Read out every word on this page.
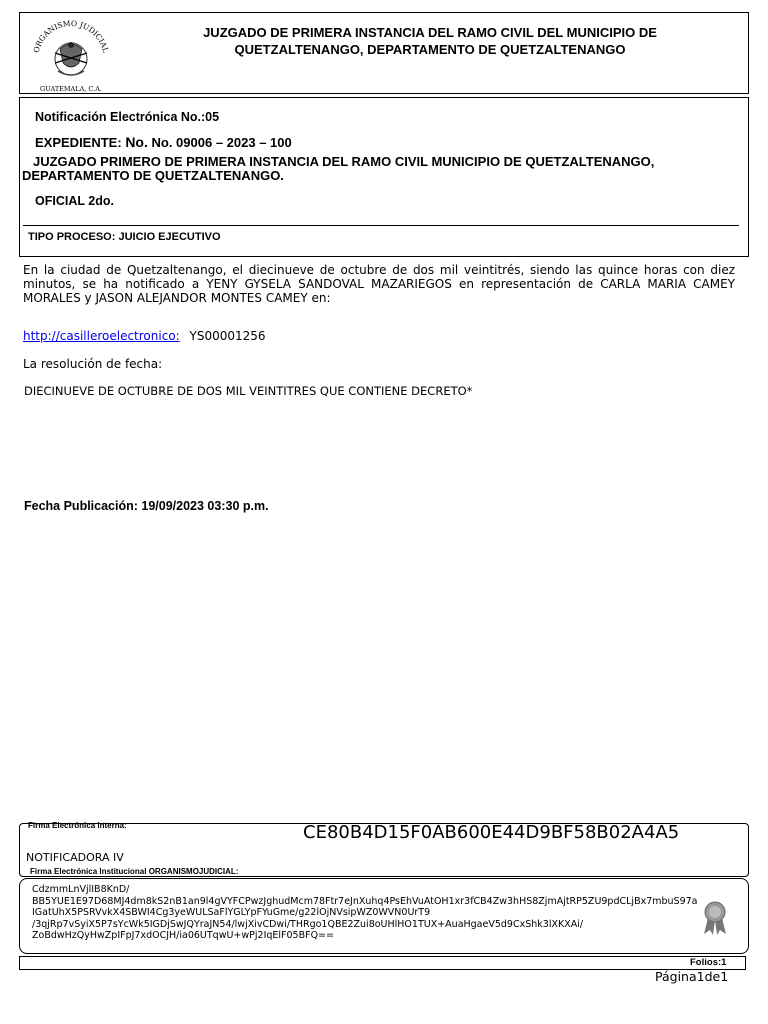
ORGANISMO JUDICIAL
GUATEMALA, C.A.
JUZGADO DE PRIMERA INSTANCIA DEL RAMO CIVIL DEL MUNICIPIO DE
QUETZALTENANGO, DEPARTAMENTO DE QUETZALTENANGO
Notificación Electrónica No.:05
EXPEDIENTE: No. No. 09006 – 2023 – 100
JUZGADO PRIMERO DE PRIMERA INSTANCIA DEL RAMO CIVIL MUNICIPIO DE QUETZALTENANGO,
DEPARTAMENTO DE QUETZALTENANGO.
OFICIAL 2do.
TIPO PROCESO: JUICIO EJECUTIVO
En la ciudad de Quetzaltenango, el diecinueve de octubre de dos mil veintitrés, siendo las quince horas con diez minutos, se ha notificado a YENY GYSELA SANDOVAL MAZARIEGOS en representación de CARLA MARIA CAMEY MORALES y JASON ALEJANDOR MONTES CAMEY en:
http://casilleroelectronico: YS00001256
La resolución de fecha:
DIECINUEVE DE OCTUBRE DE DOS MIL VEINTITRES QUE CONTIENE DECRETO*
Fecha Publicación: 19/09/2023 03:30 p.m.
Firma Electrónica Interna:	CE80B4D15F0AB600E44D9BF58B02A4A5
NOTIFICADORA IV
Firma Electrónica Institucional ORGANISMOJUDICIAL:
CdzmmLnVjlIB8KnD/
BB5YUE1E97D68MJ4dm8kS2nB1an9l4gVYFCPwzJghudMcm78Ftr7eJnXuhq4PsEhVuAtOH1xr3fCB4Zw3hHS8ZjmAjtRP5ZU9pdCLjBx7mbuS97a
IGatUhX5PSRVvkX4SBWI4Cg3yeWULSaFlYGLYpFYuGme/g22lOjNVsipWZ0WVN0UrT9
/3qjRp7vSyiX5P7sYcWk5IGDjSwJQYraJN54/lwjXivCDwi/THRgo1QBE2Zui8oUHlHO1TUX+AuaHgaeV5d9CxShk3lXKXAi/
ZoBdwHzQyHwZpIFpJ7xdOCJH/ia06UTqwU+wPj2IqElF05BFQ==
Folios:1
Página1de1
